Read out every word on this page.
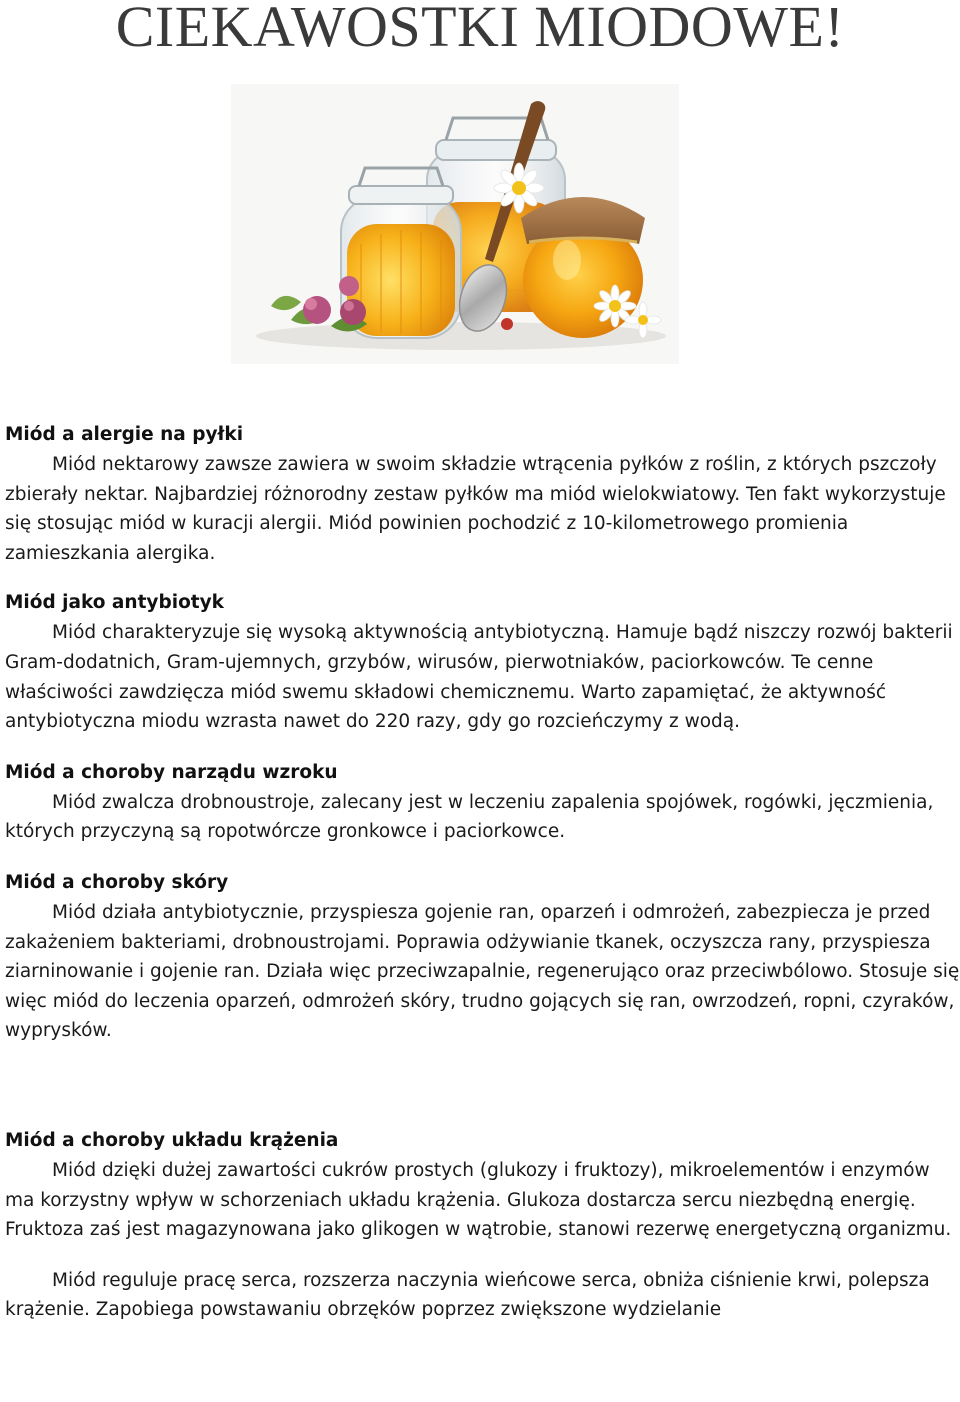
CIEKAWOSTKI MIODOWE!
Miód a alergie na pyłki

Miód nektarowy zawsze zawiera w swoim składzie wtrącenia pyłków z roślin, z których pszczoły zbierały nektar. Najbardziej różnorodny zestaw pyłków ma miód wielokwiatowy. Ten fakt wykorzystuje się stosując miód w kuracji alergii. Miód powinien pochodzić z 10-kilometrowego promienia zamieszkania alergika.

Miód jako antybiotyk

Miód charakteryzuje się wysoką aktywnością antybiotyczną. Hamuje bądź niszczy rozwój bakterii Gram-dodatnich, Gram-ujemnych, grzybów, wirusów, pierwotniaków, paciorkowców. Te cenne właściwości zawdzięcza miód swemu składowi chemicznemu. Warto zapamiętać, że aktywność antybiotyczna miodu wzrasta nawet do 220 razy, gdy go rozcieńczymy z wodą.

Miód a choroby narządu wzroku

Miód zwalcza drobnoustroje, zalecany jest w leczeniu zapalenia spojówek, rogówki, jęczmienia, których przyczyną są ropotwórcze gronkowce i paciorkowce.

Miód a choroby skóry

Miód działa antybiotycznie, przyspiesza gojenie ran, oparzeń i odmrożeń, zabezpiecza je przed zakażeniem bakteriami, drobnoustrojami. Poprawia odżywianie tkanek, oczyszcza rany, przyspiesza ziarninowanie i gojenie ran. Działa więc przeciwzapalnie, regenerująco oraz przeciwbólowo. Stosuje się więc miód do leczenia oparzeń, odmrożeń skóry, trudno gojących się ran, owrzodzeń, ropni, czyraków, wyprysków.

Miód a choroby układu krążenia

Miód dzięki dużej zawartości cukrów prostych (glukozy i fruktozy), mikroelementów i enzymów ma korzystny wpływ w schorzeniach układu krążenia. Glukoza dostarcza sercu niezbędną energię. Fruktoza zaś jest magazynowana jako glikogen w wątrobie, stanowi rezerwę energetyczną organizmu.

Miód reguluje pracę serca, rozszerza naczynia wieńcowe serca, obniża ciśnienie krwi, polepsza krążenie. Zapobiega powstawaniu obrzęków poprzez zwiększone wydzielanie
